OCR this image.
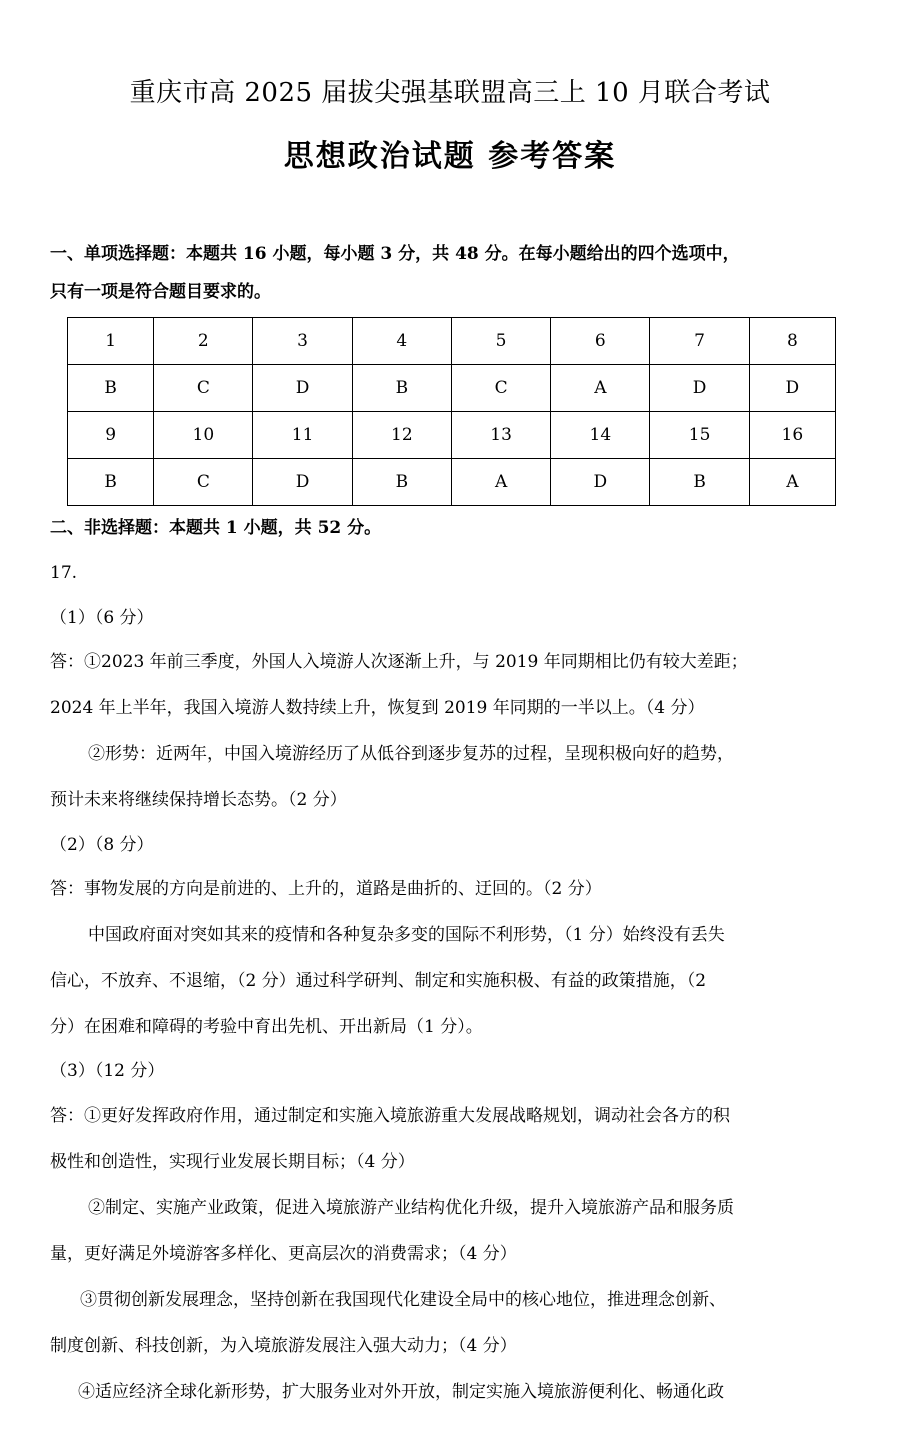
重庆市高 2025 届拔尖强基联盟高三上 10 月联合考试
思想政治试题 参考答案
一、单项选择题：本题共 16 小题，每小题 3 分，共 48 分。在每小题给出的四个选项中，
只有一项是符合题目要求的。
1	2	3	4	5	6	7	8
B	C	D	B	C	A	D	D
9	10	11	12	13	14	15	16
B	C	D	B	A	D	B	A
二、非选择题：本题共 1 小题，共 52 分。
17.
（1）（6 分）
答：①2023 年前三季度，外国人入境游人次逐渐上升，与 2019 年同期相比仍有较大差距；
2024 年上半年，我国入境游人数持续上升，恢复到 2019 年同期的一半以上。（4 分）
②形势：近两年，中国入境游经历了从低谷到逐步复苏的过程，呈现积极向好的趋势，
预计未来将继续保持增长态势。（2 分）
（2）（8 分）
答：事物发展的方向是前进的、上升的，道路是曲折的、迂回的。（2 分）
中国政府面对突如其来的疫情和各种复杂多变的国际不利形势，（1 分）始终没有丢失
信心，不放弃、不退缩，（2 分）通过科学研判、制定和实施积极、有益的政策措施，（2
分）在困难和障碍的考验中育出先机、开出新局（1 分）。
（3）（12 分）
答：①更好发挥政府作用，通过制定和实施入境旅游重大发展战略规划，调动社会各方的积
极性和创造性，实现行业发展长期目标；（4 分）
②制定、实施产业政策，促进入境旅游产业结构优化升级，提升入境旅游产品和服务质
量，更好满足外境游客多样化、更高层次的消费需求；（4 分）
③贯彻创新发展理念，坚持创新在我国现代化建设全局中的核心地位，推进理念创新、
制度创新、科技创新，为入境旅游发展注入强大动力；（4 分）
④适应经济全球化新形势，扩大服务业对外开放，制定实施入境旅游便利化、畅通化政
